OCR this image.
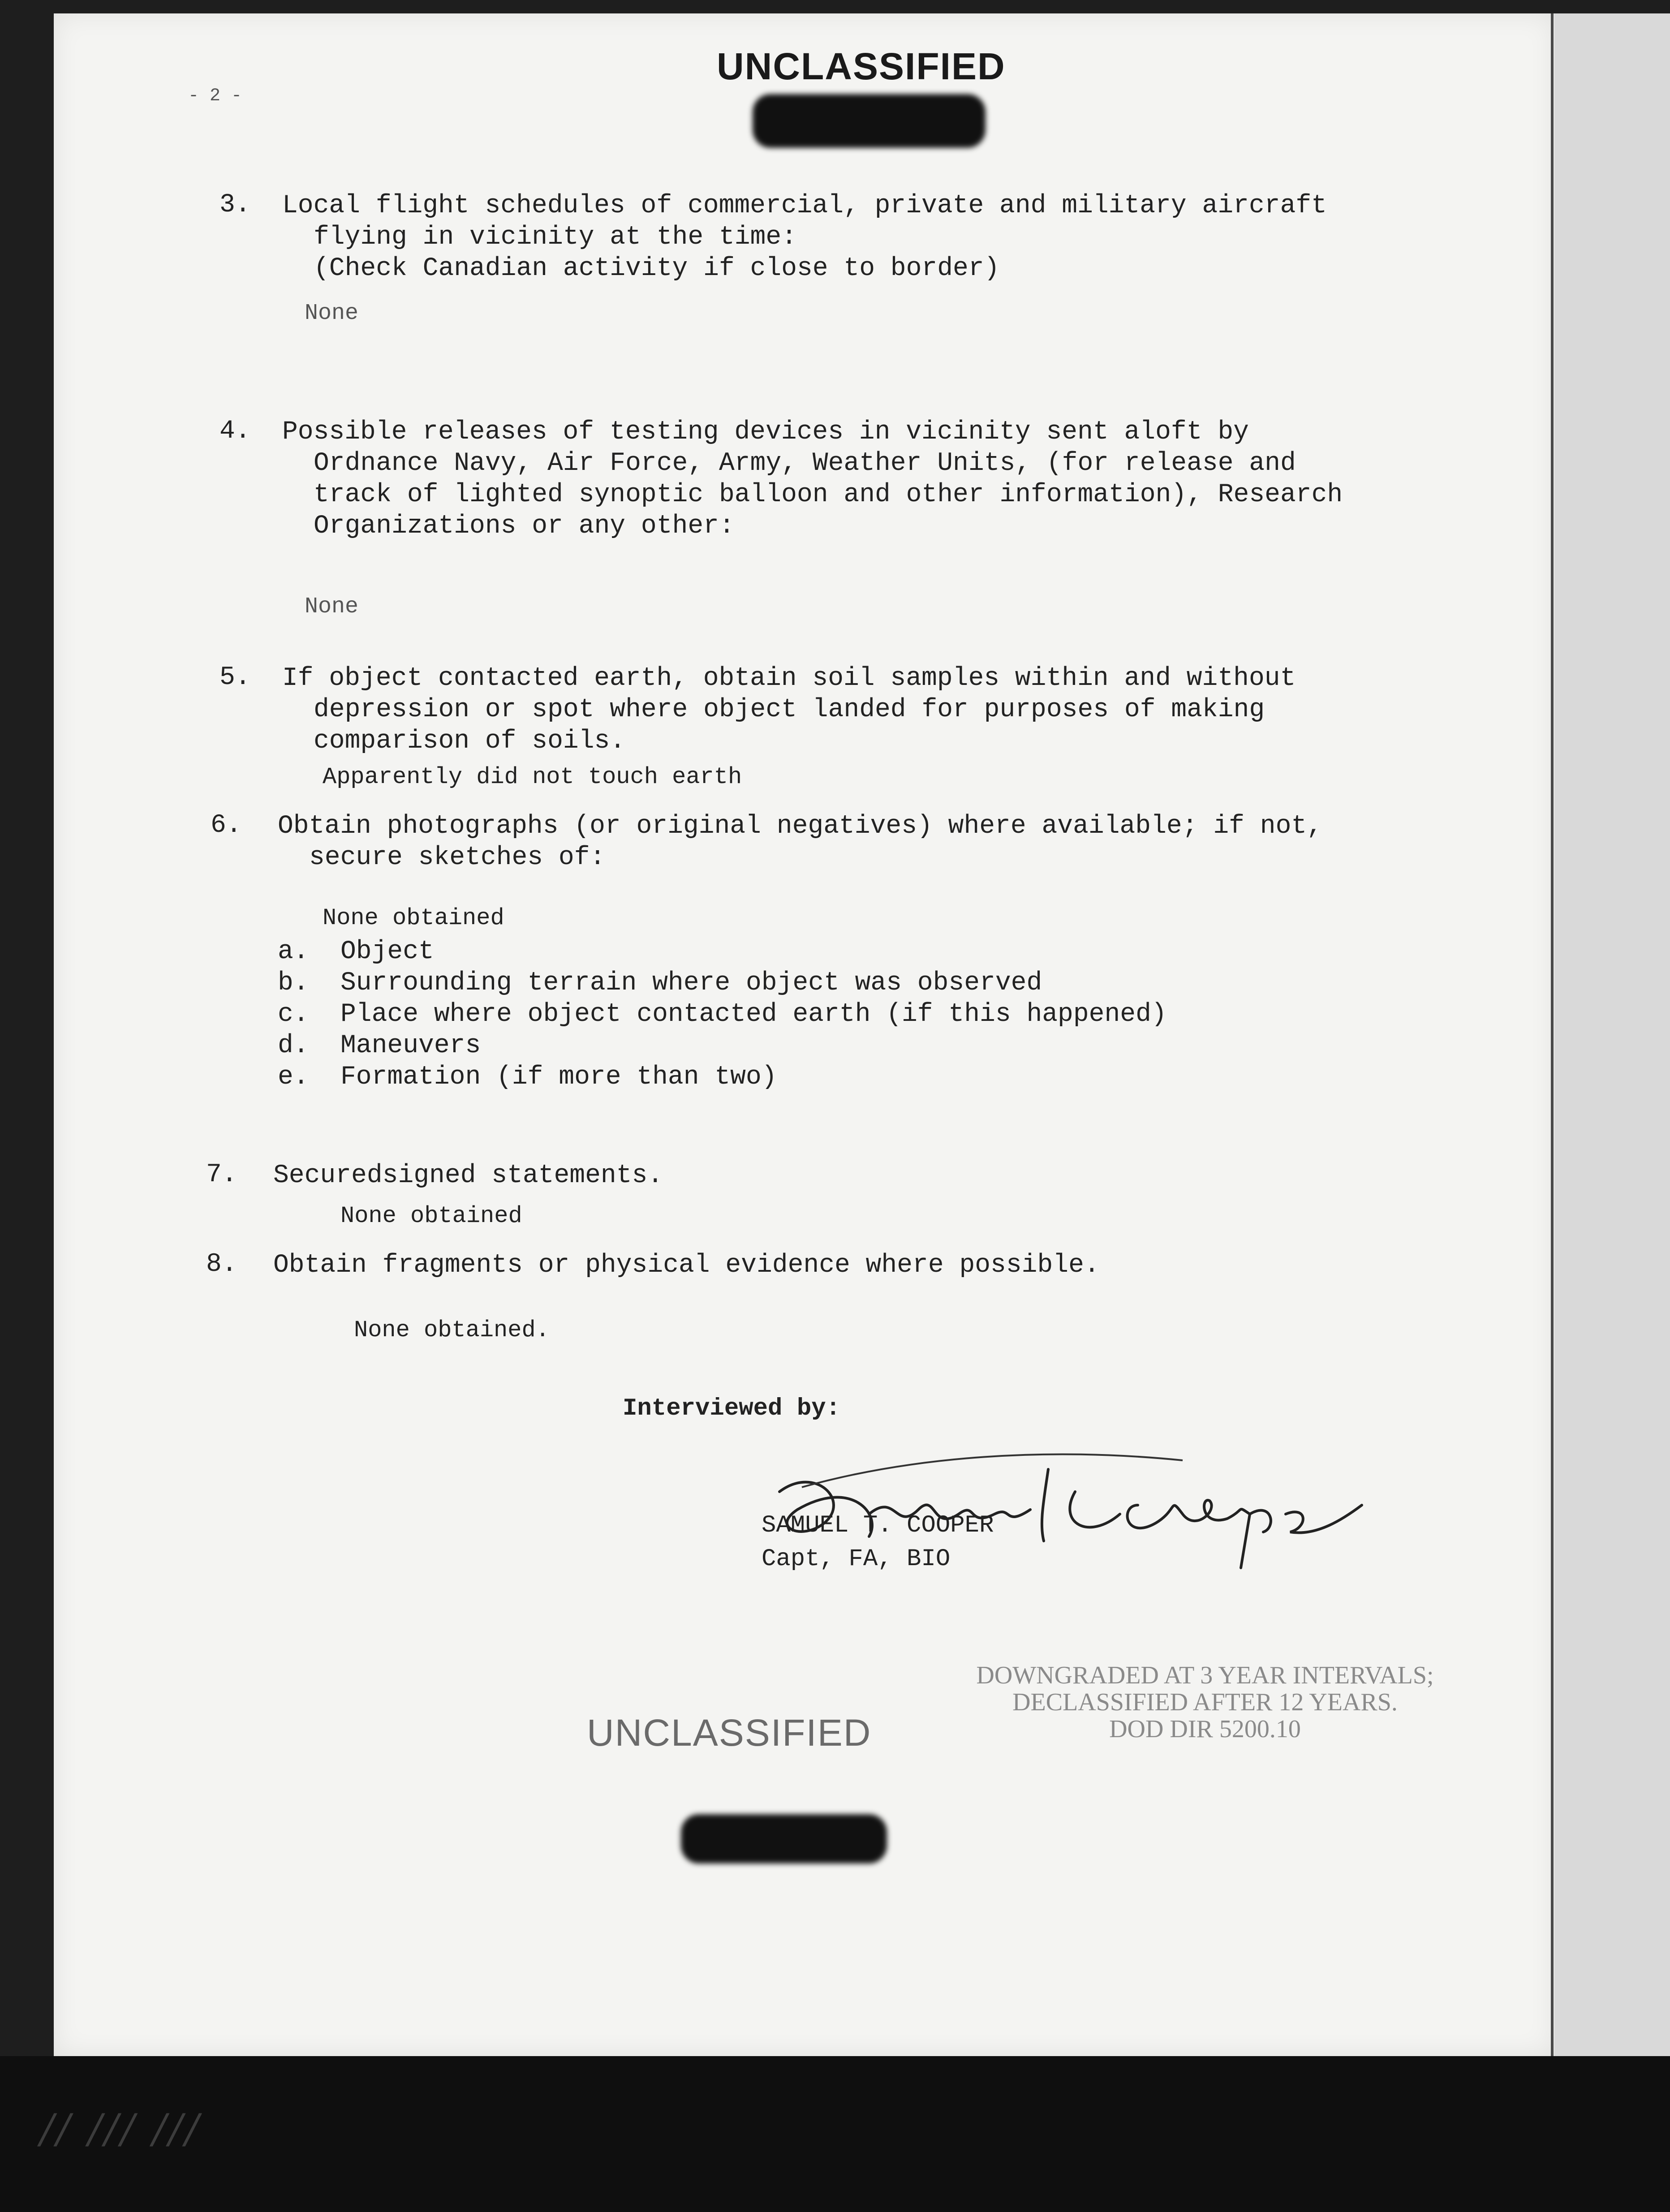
- 2 -
UNCLASSIFIED
3. Local flight schedules of commercial, private and military aircraft
flying in vicinity at the time:
(Check Canadian activity if close to border)
None
4. Possible releases of testing devices in vicinity sent aloft by
Ordnance Navy, Air Force, Army, Weather Units, (for release and
track of lighted synoptic balloon and other information), Research
Organizations or any other:
None
5. If object contacted earth, obtain soil samples within and without
depression or spot where object landed for purposes of making
comparison of soils.
Apparently did not touch earth
6. Obtain photographs (or original negatives) where available; if not,
secure sketches of:
None obtained
a. Object
b. Surrounding terrain where object was observed
c. Place where object contacted earth (if this happened)
d. Maneuvers
e. Formation (if more than two)
7. Securedsigned statements.
None obtained
8. Obtain fragments or physical evidence where possible.
None obtained.
Interviewed by:
SAMUEL T. COOPER
Capt, FA, BIO
DOWNGRADED AT 3 YEAR INTERVALS;
DECLASSIFIED AFTER 12 YEARS.
DOD DIR 5200.10
UNCLASSIFIED
// /// ///
